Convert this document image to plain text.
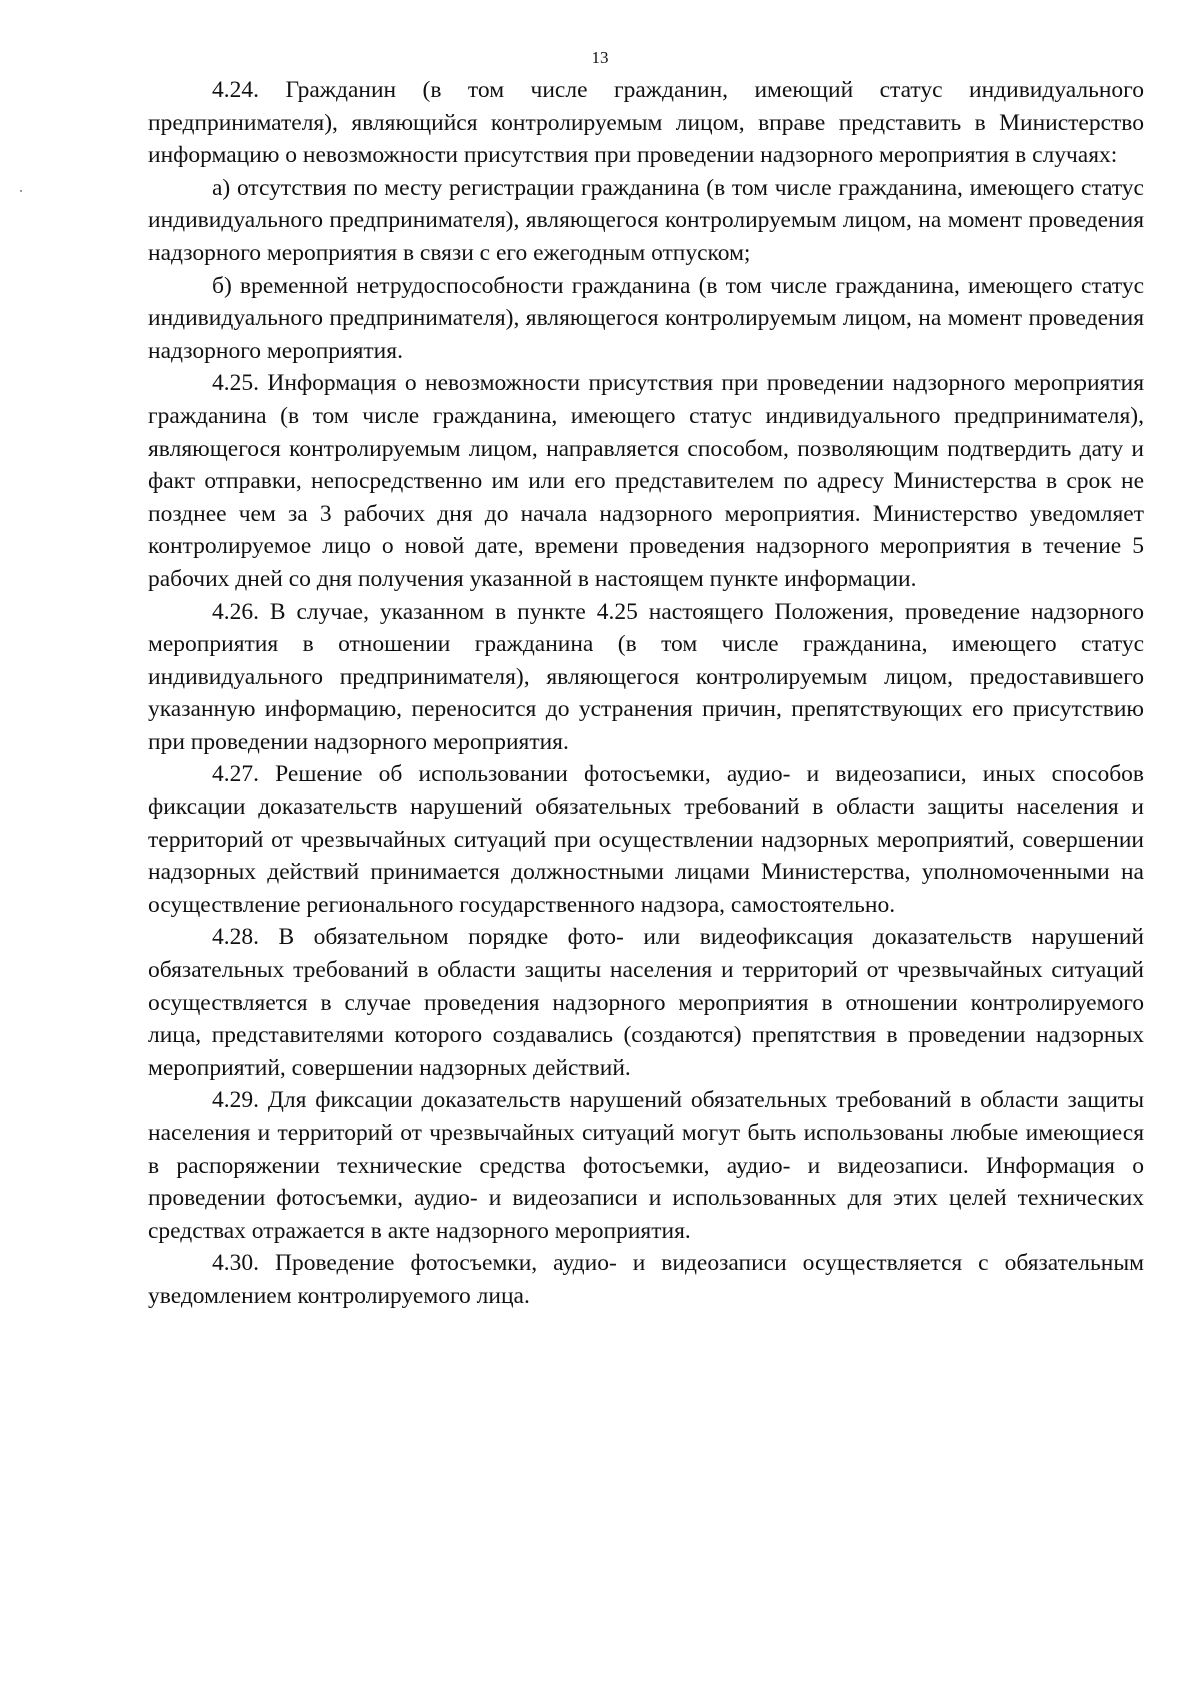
13

4.24. Гражданин (в том числе гражданин, имеющий статус индивидуального предпринимателя), являющийся контролируемым лицом, вправе представить в Министерство информацию о невозможности присутствия при проведении надзорного мероприятия в случаях:

а) отсутствия по месту регистрации гражданина (в том числе гражданина, имеющего статус индивидуального предпринимателя), являющегося контролируемым лицом, на момент проведения надзорного мероприятия в связи с его ежегодным отпуском;

б) временной нетрудоспособности гражданина (в том числе гражданина, имеющего статус индивидуального предпринимателя), являющегося контролируемым лицом, на момент проведения надзорного мероприятия.

4.25. Информация о невозможности присутствия при проведении надзорного мероприятия гражданина (в том числе гражданина, имеющего статус индивидуального предпринимателя), являющегося контролируемым лицом, направляется способом, позволяющим подтвердить дату и факт отправки, непосредственно им или его представителем по адресу Министерства в срок не позднее чем за 3 рабочих дня до начала надзорного мероприятия. Министерство уведомляет контролируемое лицо о новой дате, времени проведения надзорного мероприятия в течение 5 рабочих дней со дня получения указанной в настоящем пункте информации.

4.26. В случае, указанном в пункте 4.25 настоящего Положения, проведение надзорного мероприятия в отношении гражданина (в том числе гражданина, имеющего статус индивидуального предпринимателя), являющегося контролируемым лицом, предоставившего указанную информацию, переносится до устранения причин, препятствующих его присутствию при проведении надзорного мероприятия.

4.27. Решение об использовании фотосъемки, аудио- и видеозаписи, иных способов фиксации доказательств нарушений обязательных требований в области защиты населения и территорий от чрезвычайных ситуаций при осуществлении надзорных мероприятий, совершении надзорных действий принимается должностными лицами Министерства, уполномоченными на осуществление регионального государственного надзора, самостоятельно.

4.28. В обязательном порядке фото- или видеофиксация доказательств нарушений обязательных требований в области защиты населения и территорий от чрезвычайных ситуаций осуществляется в случае проведения надзорного мероприятия в отношении контролируемого лица, представителями которого создавались (создаются) препятствия в проведении надзорных мероприятий, совершении надзорных действий.

4.29. Для фиксации доказательств нарушений обязательных требований в области защиты населения и территорий от чрезвычайных ситуаций могут быть использованы любые имеющиеся в распоряжении технические средства фотосъемки, аудио- и видеозаписи. Информация о проведении фотосъемки, аудио- и видеозаписи и использованных для этих целей технических средствах отражается в акте надзорного мероприятия.

4.30. Проведение фотосъемки, аудио- и видеозаписи осуществляется с обязательным уведомлением контролируемого лица.
